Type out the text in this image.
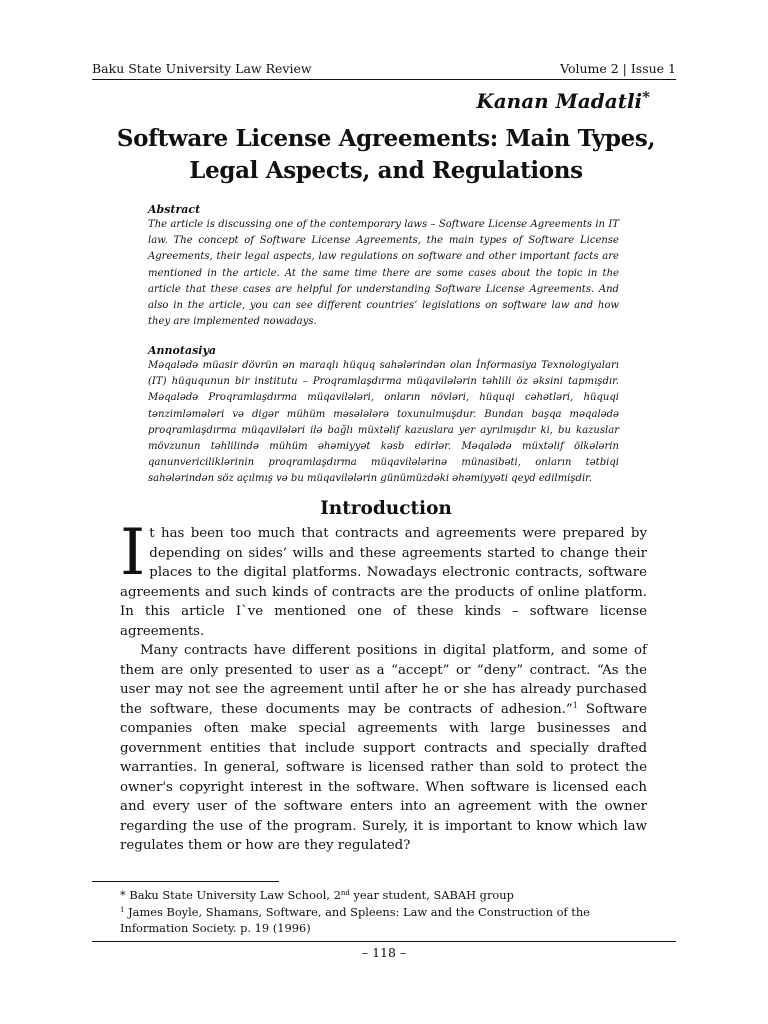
Baku State University Law Review	Volume 2 | Issue 1
Kanan Madatli*
Software License Agreements: Main Types, Legal Aspects, and Regulations
Abstract

The article is discussing one of the contemporary laws – Software License Agreements in IT law. The concept of Software License Agreements, the main types of Software License Agreements, their legal aspects, law regulations on software and other important facts are mentioned in the article. At the same time there are some cases about the topic in the article that these cases are helpful for understanding Software License Agreements. And also in the article, you can see different countries’ legislations on software law and how they are implemented nowadays.

Annotasiya

Məqalədə müasir dövrün ən maraqlı hüquq sahələrindən olan İnformasiya Texnologiyaları (IT) hüququnun bir institutu – Proqramlaşdırma müqavilələrin təhlili öz əksini tapmışdır. Məqalədə Proqramlaşdırma müqavilələri, onların növləri, hüquqi cəhətləri, hüquqi tənzimləmələri və digər mühüm məsələlərə toxunulmuşdur. Bundan başqa məqalədə proqramlaşdırma müqavilələri ilə bağlı müxtəlif kazuslara yer ayrılmışdır ki, bu kazuslar mövzunun təhlilində mühüm əhəmiyyət kəsb edirlər. Məqalədə müxtəlif ölkələrin qanunvericiliklərinin proqramlaşdırma müqavilələrinə münasibəti, onların tətbiqi sahələrindən söz açılmış və bu müqavilələrin günümüzdəki əhəmiyyəti qeyd edilmişdir.

Introduction

It has been too much that contracts and agreements were prepared by depending on sides’ wills and these agreements started to change their places to the digital platforms. Nowadays electronic contracts, software agreements and such kinds of contracts are the products of online platform. In this article I`ve mentioned one of these kinds – software license agreements.

Many contracts have different positions in digital platform, and some of them are only presented to user as a “accept” or “deny” contract. “As the user may not see the agreement until after he or she has already purchased the software, these documents may be contracts of adhesion.”$^1$ Software companies often make special agreements with large businesses and government entities that include support contracts and specially drafted warranties. In general, software is licensed rather than sold to protect the owner's copyright interest in the software. When software is licensed each and every user of the software enters into an agreement with the owner regarding the use of the program. Surely, it is important to know which law regulates them or how are they regulated?

* Baku State University Law School, 2nd year student, SABAH group

$^1$ James Boyle, Shamans, Software, and Spleens: Law and the Construction of the Information Society. p. 19 (1996)

– 118 –
